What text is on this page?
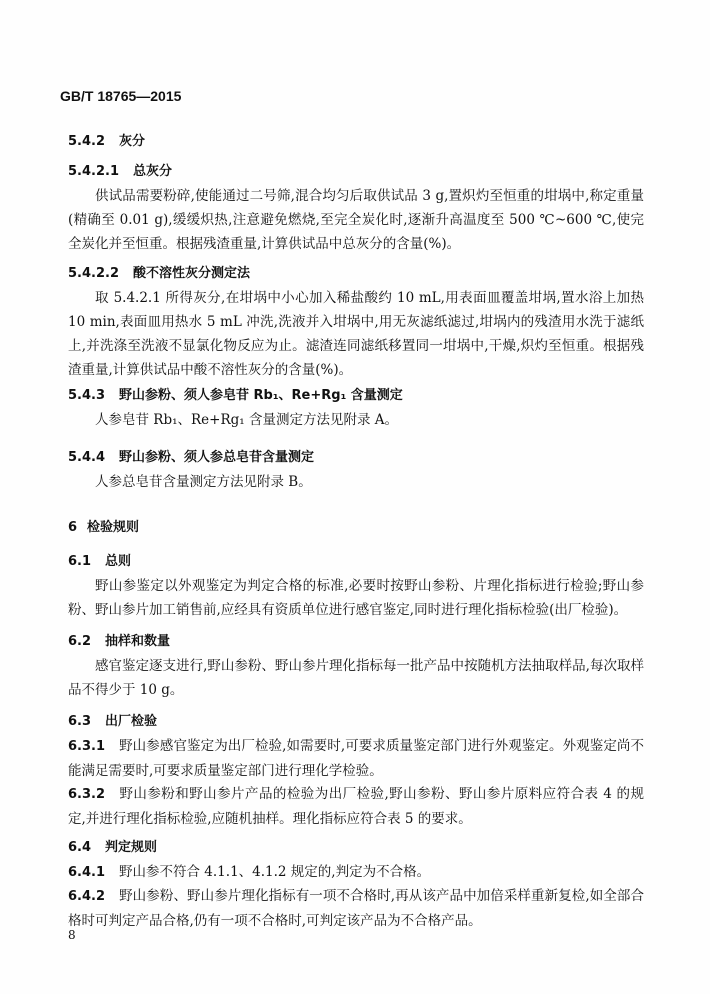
GB/T 18765—2015
5.4.2 灰分
5.4.2.1 总灰分
供试品需要粉碎,使能通过二号筛,混合均匀后取供试品 3 g,置炽灼至恒重的坩埚中,称定重量(精确至 0.01 g),缓缓炽热,注意避免燃烧,至完全炭化时,逐渐升高温度至 500 ℃~600 ℃,使完全炭化并至恒重。根据残渣重量,计算供试品中总灰分的含量(%)。
5.4.2.2 酸不溶性灰分测定法
取 5.4.2.1 所得灰分,在坩埚中小心加入稀盐酸约 10 mL,用表面皿覆盖坩埚,置水浴上加热 10 min,表面皿用热水 5 mL 冲洗,洗液并入坩埚中,用无灰滤纸滤过,坩埚内的残渣用水洗于滤纸上,并洗涤至洗液不显氯化物反应为止。滤渣连同滤纸移置同一坩埚中,干燥,炽灼至恒重。根据残渣重量,计算供试品中酸不溶性灰分的含量(%)。
5.4.3 野山参粉、须人参皂苷 Rb₁、Re+Rg₁ 含量测定
人参皂苷 Rb₁、Re+Rg₁ 含量测定方法见附录 A。
5.4.4 野山参粉、须人参总皂苷含量测定
人参总皂苷含量测定方法见附录 B。
6 检验规则
6.1 总则
野山参鉴定以外观鉴定为判定合格的标准,必要时按野山参粉、片理化指标进行检验;野山参粉、野山参片加工销售前,应经具有资质单位进行感官鉴定,同时进行理化指标检验(出厂检验)。
6.2 抽样和数量
感官鉴定逐支进行,野山参粉、野山参片理化指标每一批产品中按随机方法抽取样品,每次取样品不得少于 10 g。
6.3 出厂检验
6.3.1 野山参感官鉴定为出厂检验,如需要时,可要求质量鉴定部门进行外观鉴定。外观鉴定尚不能满足需要时,可要求质量鉴定部门进行理化学检验。
6.3.2 野山参粉和野山参片产品的检验为出厂检验,野山参粉、野山参片原料应符合表 4 的规定,并进行理化指标检验,应随机抽样。理化指标应符合表 5 的要求。
6.4 判定规则
6.4.1 野山参不符合 4.1.1、4.1.2 规定的,判定为不合格。
6.4.2 野山参粉、野山参片理化指标有一项不合格时,再从该产品中加倍采样重新复检,如全部合格时可判定产品合格,仍有一项不合格时,可判定该产品为不合格产品。
8
